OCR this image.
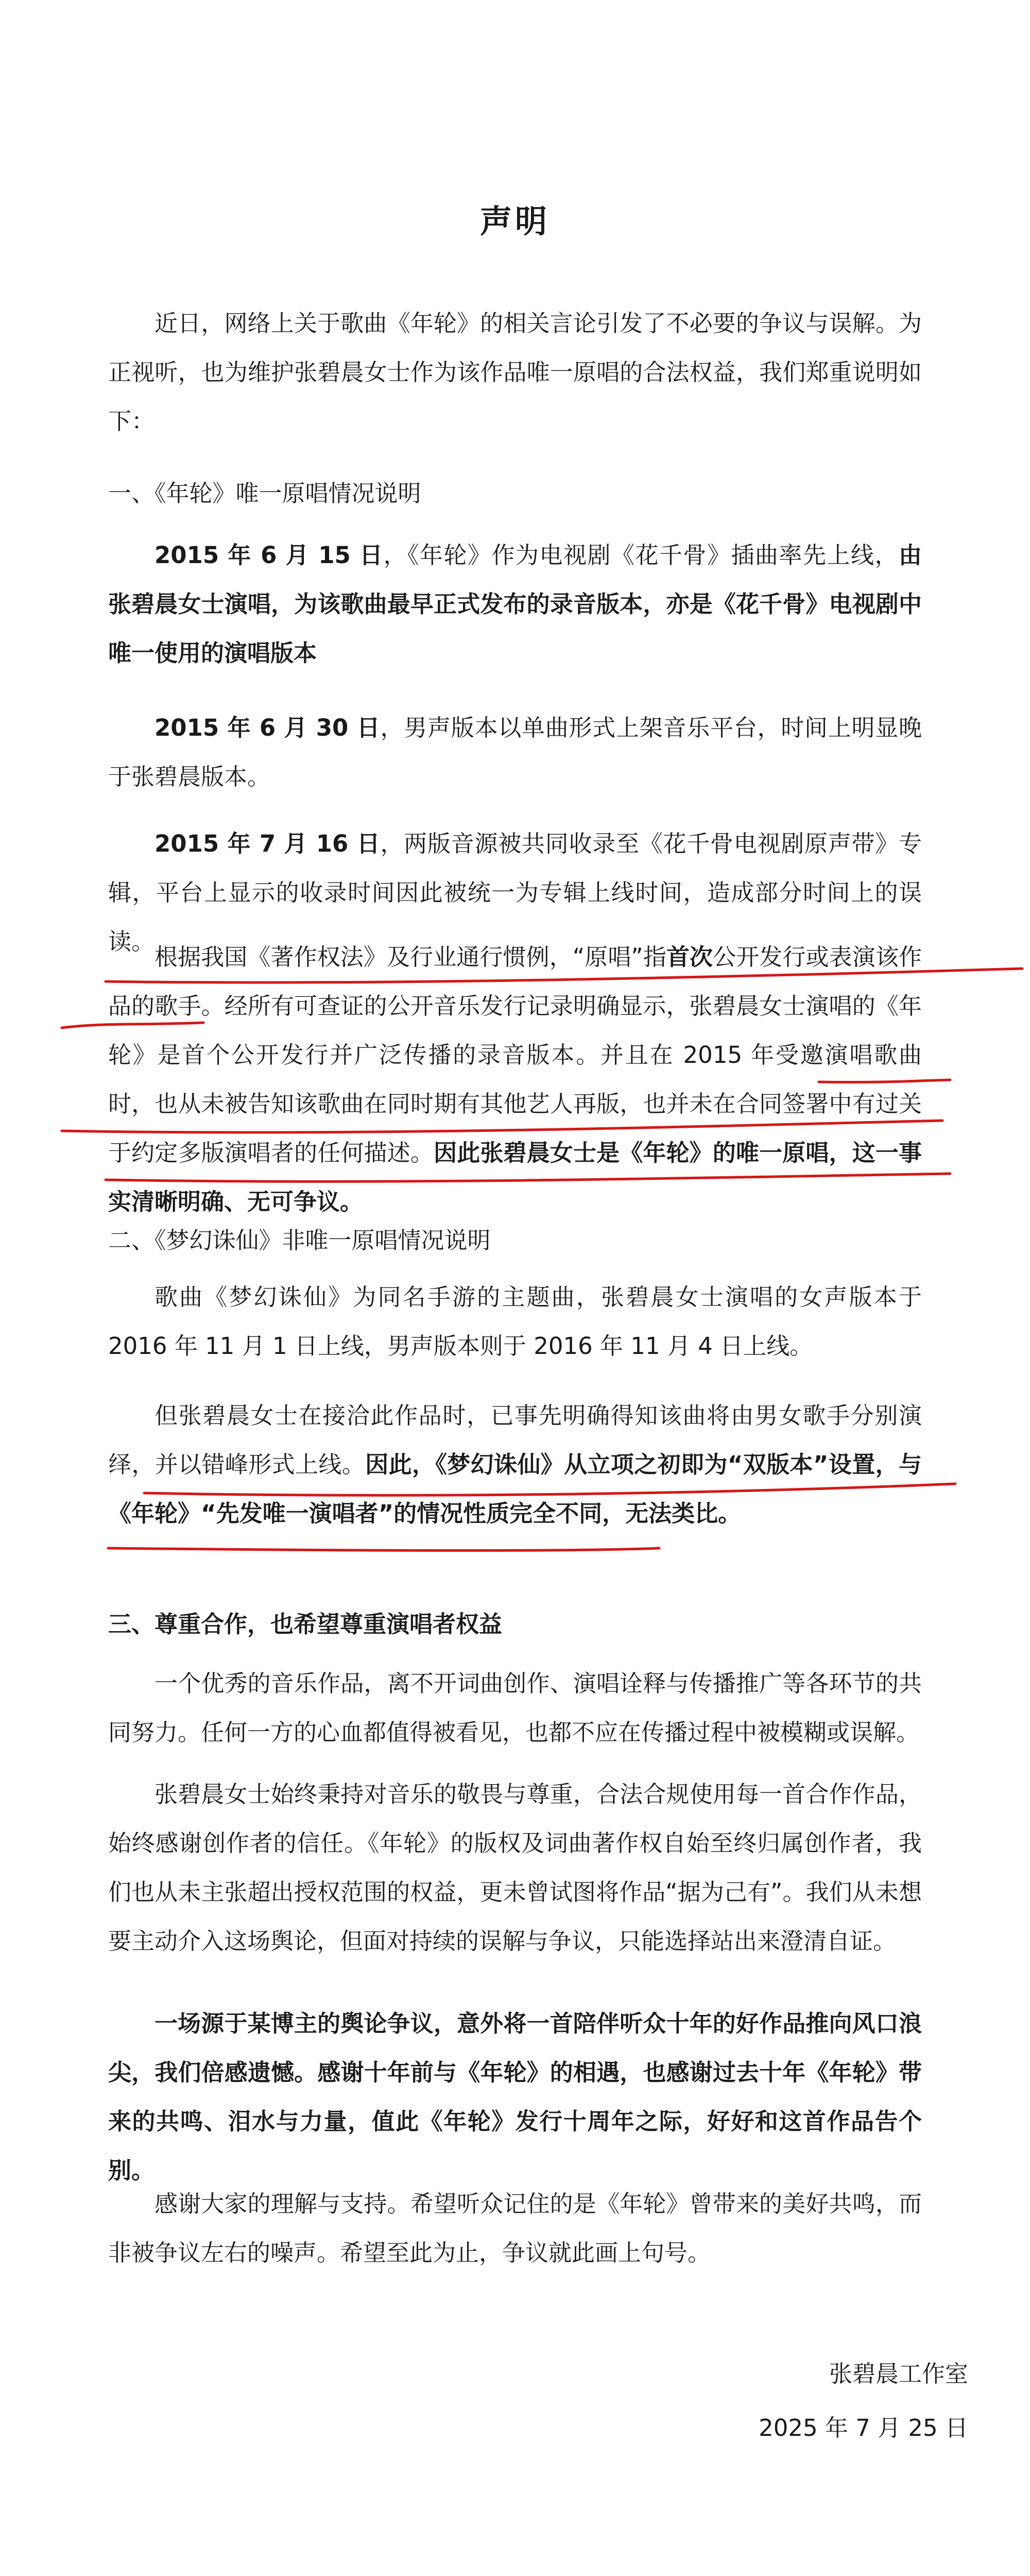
声明

近日，网络上关于歌曲《年轮》的相关言论引发了不必要的争议与误解。为正视听，也为维护张碧晨女士作为该作品唯一原唱的合法权益，我们郑重说明如下：

一、《年轮》唯一原唱情况说明

2015 年 6 月 15 日，《年轮》作为电视剧《花千骨》插曲率先上线，由张碧晨女士演唱，为该歌曲最早正式发布的录音版本，亦是《花千骨》电视剧中唯一使用的演唱版本

2015 年 6 月 30 日，男声版本以单曲形式上架音乐平台，时间上明显晚于张碧晨版本。

2015 年 7 月 16 日，两版音源被共同收录至《花千骨电视剧原声带》专辑，平台上显示的收录时间因此被统一为专辑上线时间，造成部分时间上的误读。

根据我国《著作权法》及行业通行惯例，“原唱”指首次公开发行或表演该作品的歌手。经所有可查证的公开音乐发行记录明确显示，张碧晨女士演唱的《年轮》是首个公开发行并广泛传播的录音版本。并且在 2015 年受邀演唱歌曲时，也从未被告知该歌曲在同时期有其他艺人再版，也并未在合同签署中有过关于约定多版演唱者的任何描述。因此张碧晨女士是《年轮》的唯一原唱，这一事实清晰明确、无可争议。

二、《梦幻诛仙》非唯一原唱情况说明

歌曲《梦幻诛仙》为同名手游的主题曲，张碧晨女士演唱的女声版本于 2016 年 11 月 1 日上线，男声版本则于 2016 年 11 月 4 日上线。

但张碧晨女士在接洽此作品时，已事先明确得知该曲将由男女歌手分别演绎，并以错峰形式上线。因此，《梦幻诛仙》从立项之初即为“双版本”设置，与《年轮》“先发唯一演唱者”的情况性质完全不同，无法类比。

三、尊重合作，也希望尊重演唱者权益

一个优秀的音乐作品，离不开词曲创作、演唱诠释与传播推广等各环节的共同努力。任何一方的心血都值得被看见，也都不应在传播过程中被模糊或误解。

张碧晨女士始终秉持对音乐的敬畏与尊重，合法合规使用每一首合作作品，始终感谢创作者的信任。《年轮》的版权及词曲著作权自始至终归属创作者，我们也从未主张超出授权范围的权益，更未曾试图将作品“据为己有”。我们从未想要主动介入这场舆论，但面对持续的误解与争议，只能选择站出来澄清自证。

一场源于某博主的舆论争议，意外将一首陪伴听众十年的好作品推向风口浪尖，我们倍感遗憾。感谢十年前与《年轮》的相遇，也感谢过去十年《年轮》带来的共鸣、泪水与力量，值此《年轮》发行十周年之际，好好和这首作品告个别。

感谢大家的理解与支持。希望听众记住的是《年轮》曾带来的美好共鸣，而非被争议左右的噪声。希望至此为止，争议就此画上句号。

张碧晨工作室
2025 年 7 月 25 日
